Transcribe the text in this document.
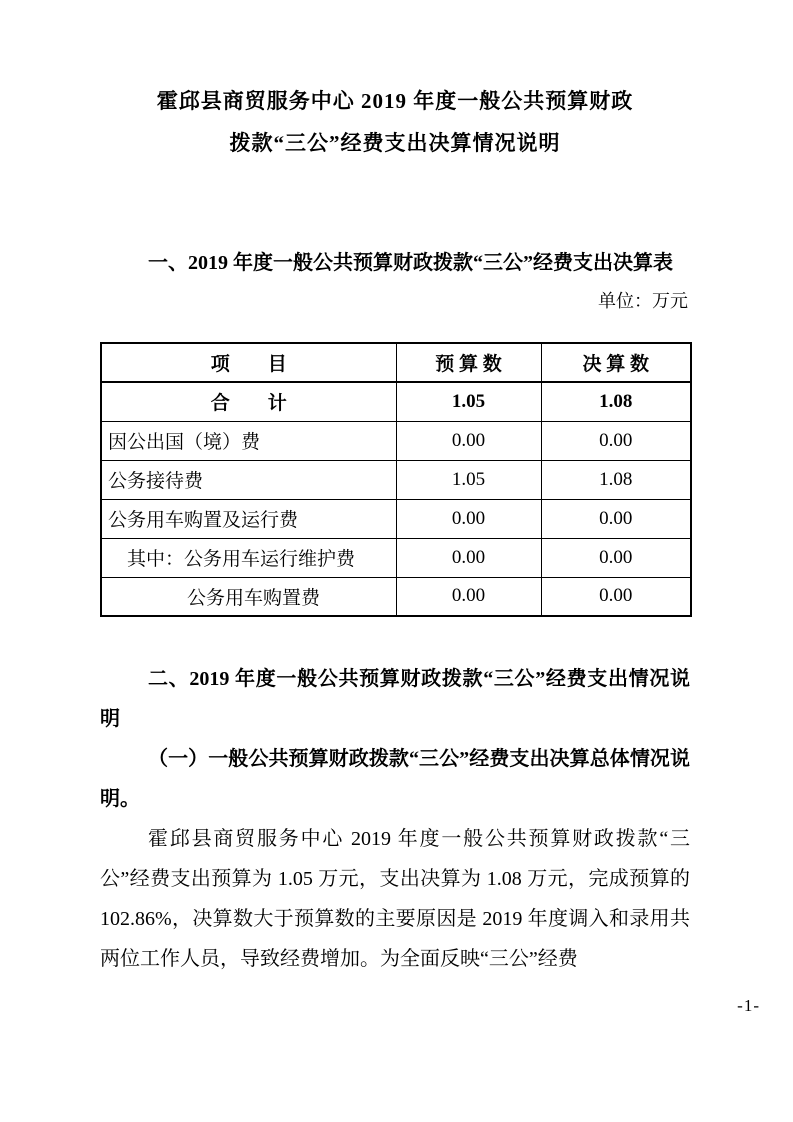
霍邱县商贸服务中心 2019 年度一般公共预算财政
拨款“三公”经费支出决算情况说明

一、2019 年度一般公共预算财政拨款“三公”经费支出决算表

单位：万元
项　　目	预 算 数	决 算 数
合　　计	1.05	1.08
因公出国（境）费	0.00	0.00
公务接待费	1.05	1.08
公务用车购置及运行费	0.00	0.00
其中：公务用车运行维护费	0.00	0.00
公务用车购置费	0.00	0.00

二、2019 年度一般公共预算财政拨款“三公”经费支出情况说明

（一）一般公共预算财政拨款“三公”经费支出决算总体情况说明。

霍邱县商贸服务中心 2019 年度一般公共预算财政拨款“三公”经费支出预算为 1.05 万元，支出决算为 1.08 万元，完成预算的 102.86%，决算数大于预算数的主要原因是 2019 年度调入和录用共两位工作人员，导致经费增加。为全面反映“三公”经费

-1-
